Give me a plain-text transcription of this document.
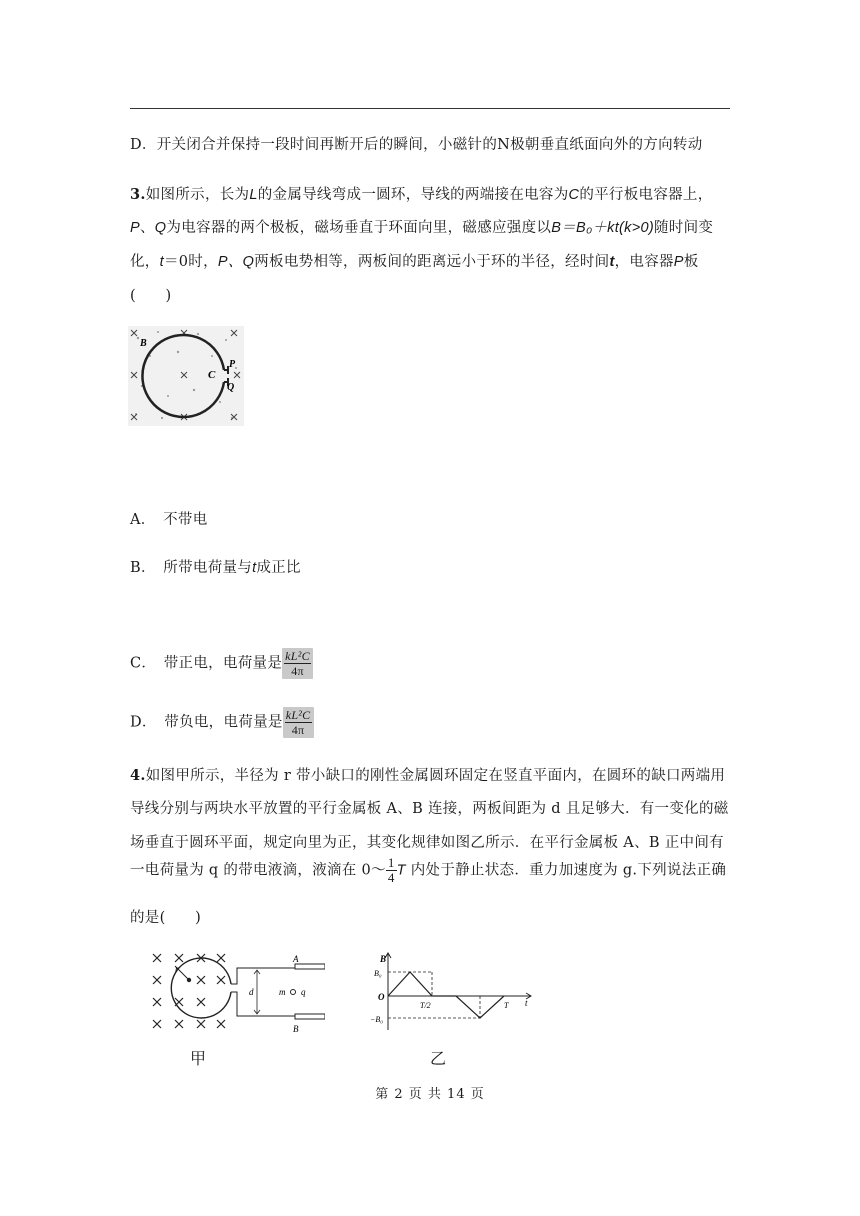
D．开关闭合并保持一段时间再断开后的瞬间，小磁针的N极朝垂直纸面向外的方向转动
3.如图所示，长为L的金属导线弯成一圆环，导线的两端接在电容为C的平行板电容器上，
P、Q为电容器的两个极板，磁场垂直于环面向里，磁感应强度以B＝B₀＋kt(k>0)随时间变
化，t＝0时，P、Q两板电势相等，两板间的距离远小于环的半径，经时间t，电容器P板
(　　)
B
C
P
Q
A．　不带电
B．　所带电荷量与t成正比
C．　带正电，电荷量是 $\frac{\text{kL²C}}{4\pi}$
D．　带负电，电荷量是 $\frac{\text{kL²C}}{4\pi}$
4.如图甲所示，半径为 r 带小缺口的刚性金属圆环固定在竖直平面内，在圆环的缺口两端用
导线分别与两块水平放置的平行金属板 A、B 连接，两板间距为 d 且足够大．有一变化的磁
场垂直于圆环平面，规定向里为正，其变化规律如图乙所示．在平行金属板 A、B 正中间有
一电荷量为 q 的带电液滴，液滴在 0～ $\frac{1}{4}$ T 内处于静止状态．重力加速度为 g.下列说法正确
的是(　　)
r
d
A
B
m q
甲
B
B₀
O
T/2	T t
−B₀
乙
第 2 页 共 14 页
